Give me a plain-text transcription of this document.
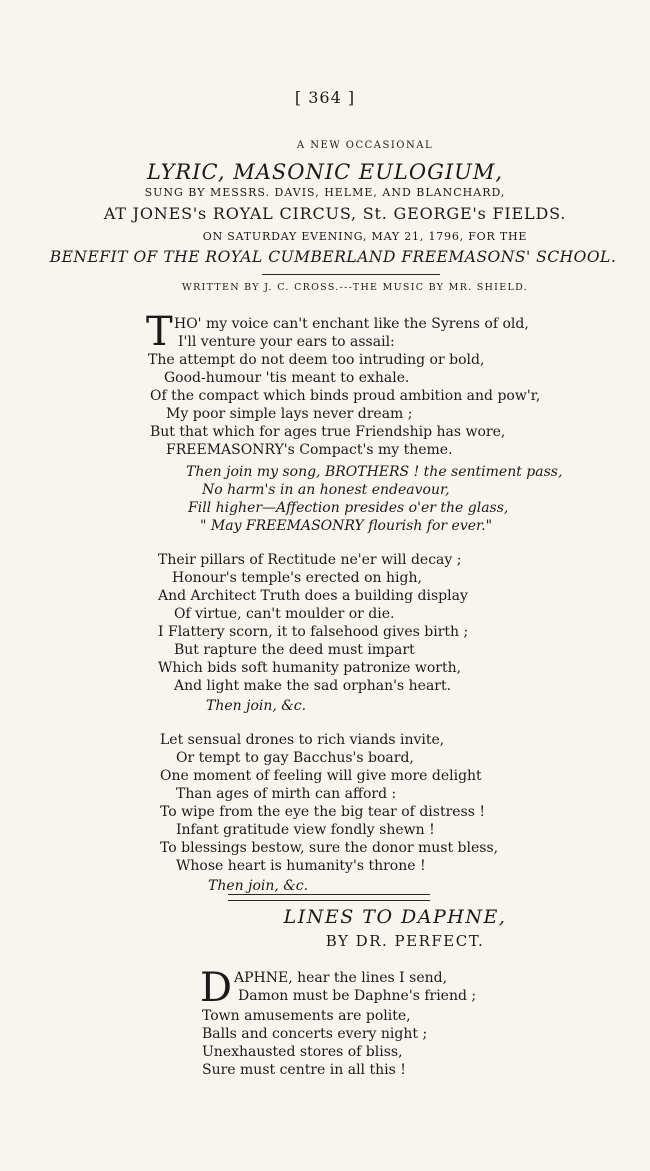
[ 364 ]
A NEW OCCASIONAL
LYRIC, MASONIC EULOGIUM,
SUNG BY MESSRS. DAVIS, HELME, AND BLANCHARD,
AT JONES's ROYAL CIRCUS, St. GEORGE's FIELDS.
ON SATURDAY EVENING, MAY 21, 1796, FOR THE
BENEFIT OF THE ROYAL CUMBERLAND FREEMASONS' SCHOOL.
WRITTEN BY J. C. CROSS.---THE MUSIC BY MR. SHIELD.
T HO' my voice can't enchant like the Syrens of old,
I'll venture your ears to assail:
The attempt do not deem too intruding or bold,
Good-humour 'tis meant to exhale.
Of the compact which binds proud ambition and pow'r,
My poor simple lays never dream ;
But that which for ages true Friendship has wore,
FREEMASONRY's Compact's my theme.
Then join my song, BROTHERS ! the sentiment pass,
No harm's in an honest endeavour,
Fill higher—Affection presides o'er the glass,
" May FREEMASONRY flourish for ever."
Their pillars of Rectitude ne'er will decay ;
Honour's temple's erected on high,
And Architect Truth does a building display
Of virtue, can't moulder or die.
I Flattery scorn, it to falsehood gives birth ;
But rapture the deed must impart
Which bids soft humanity patronize worth,
And light make the sad orphan's heart.
Then join, &c.
Let sensual drones to rich viands invite,
Or tempt to gay Bacchus's board,
One moment of feeling will give more delight
Than ages of mirth can afford :
To wipe from the eye the big tear of distress !
Infant gratitude view fondly shewn !
To blessings bestow, sure the donor must bless,
Whose heart is humanity's throne !
Then join, &c.
LINES TO DAPHNE,
BY DR. PERFECT.
D APHNE, hear the lines I send,
Damon must be Daphne's friend ;
Town amusements are polite,
Balls and concerts every night ;
Unexhausted stores of bliss,
Sure must centre in all this !
